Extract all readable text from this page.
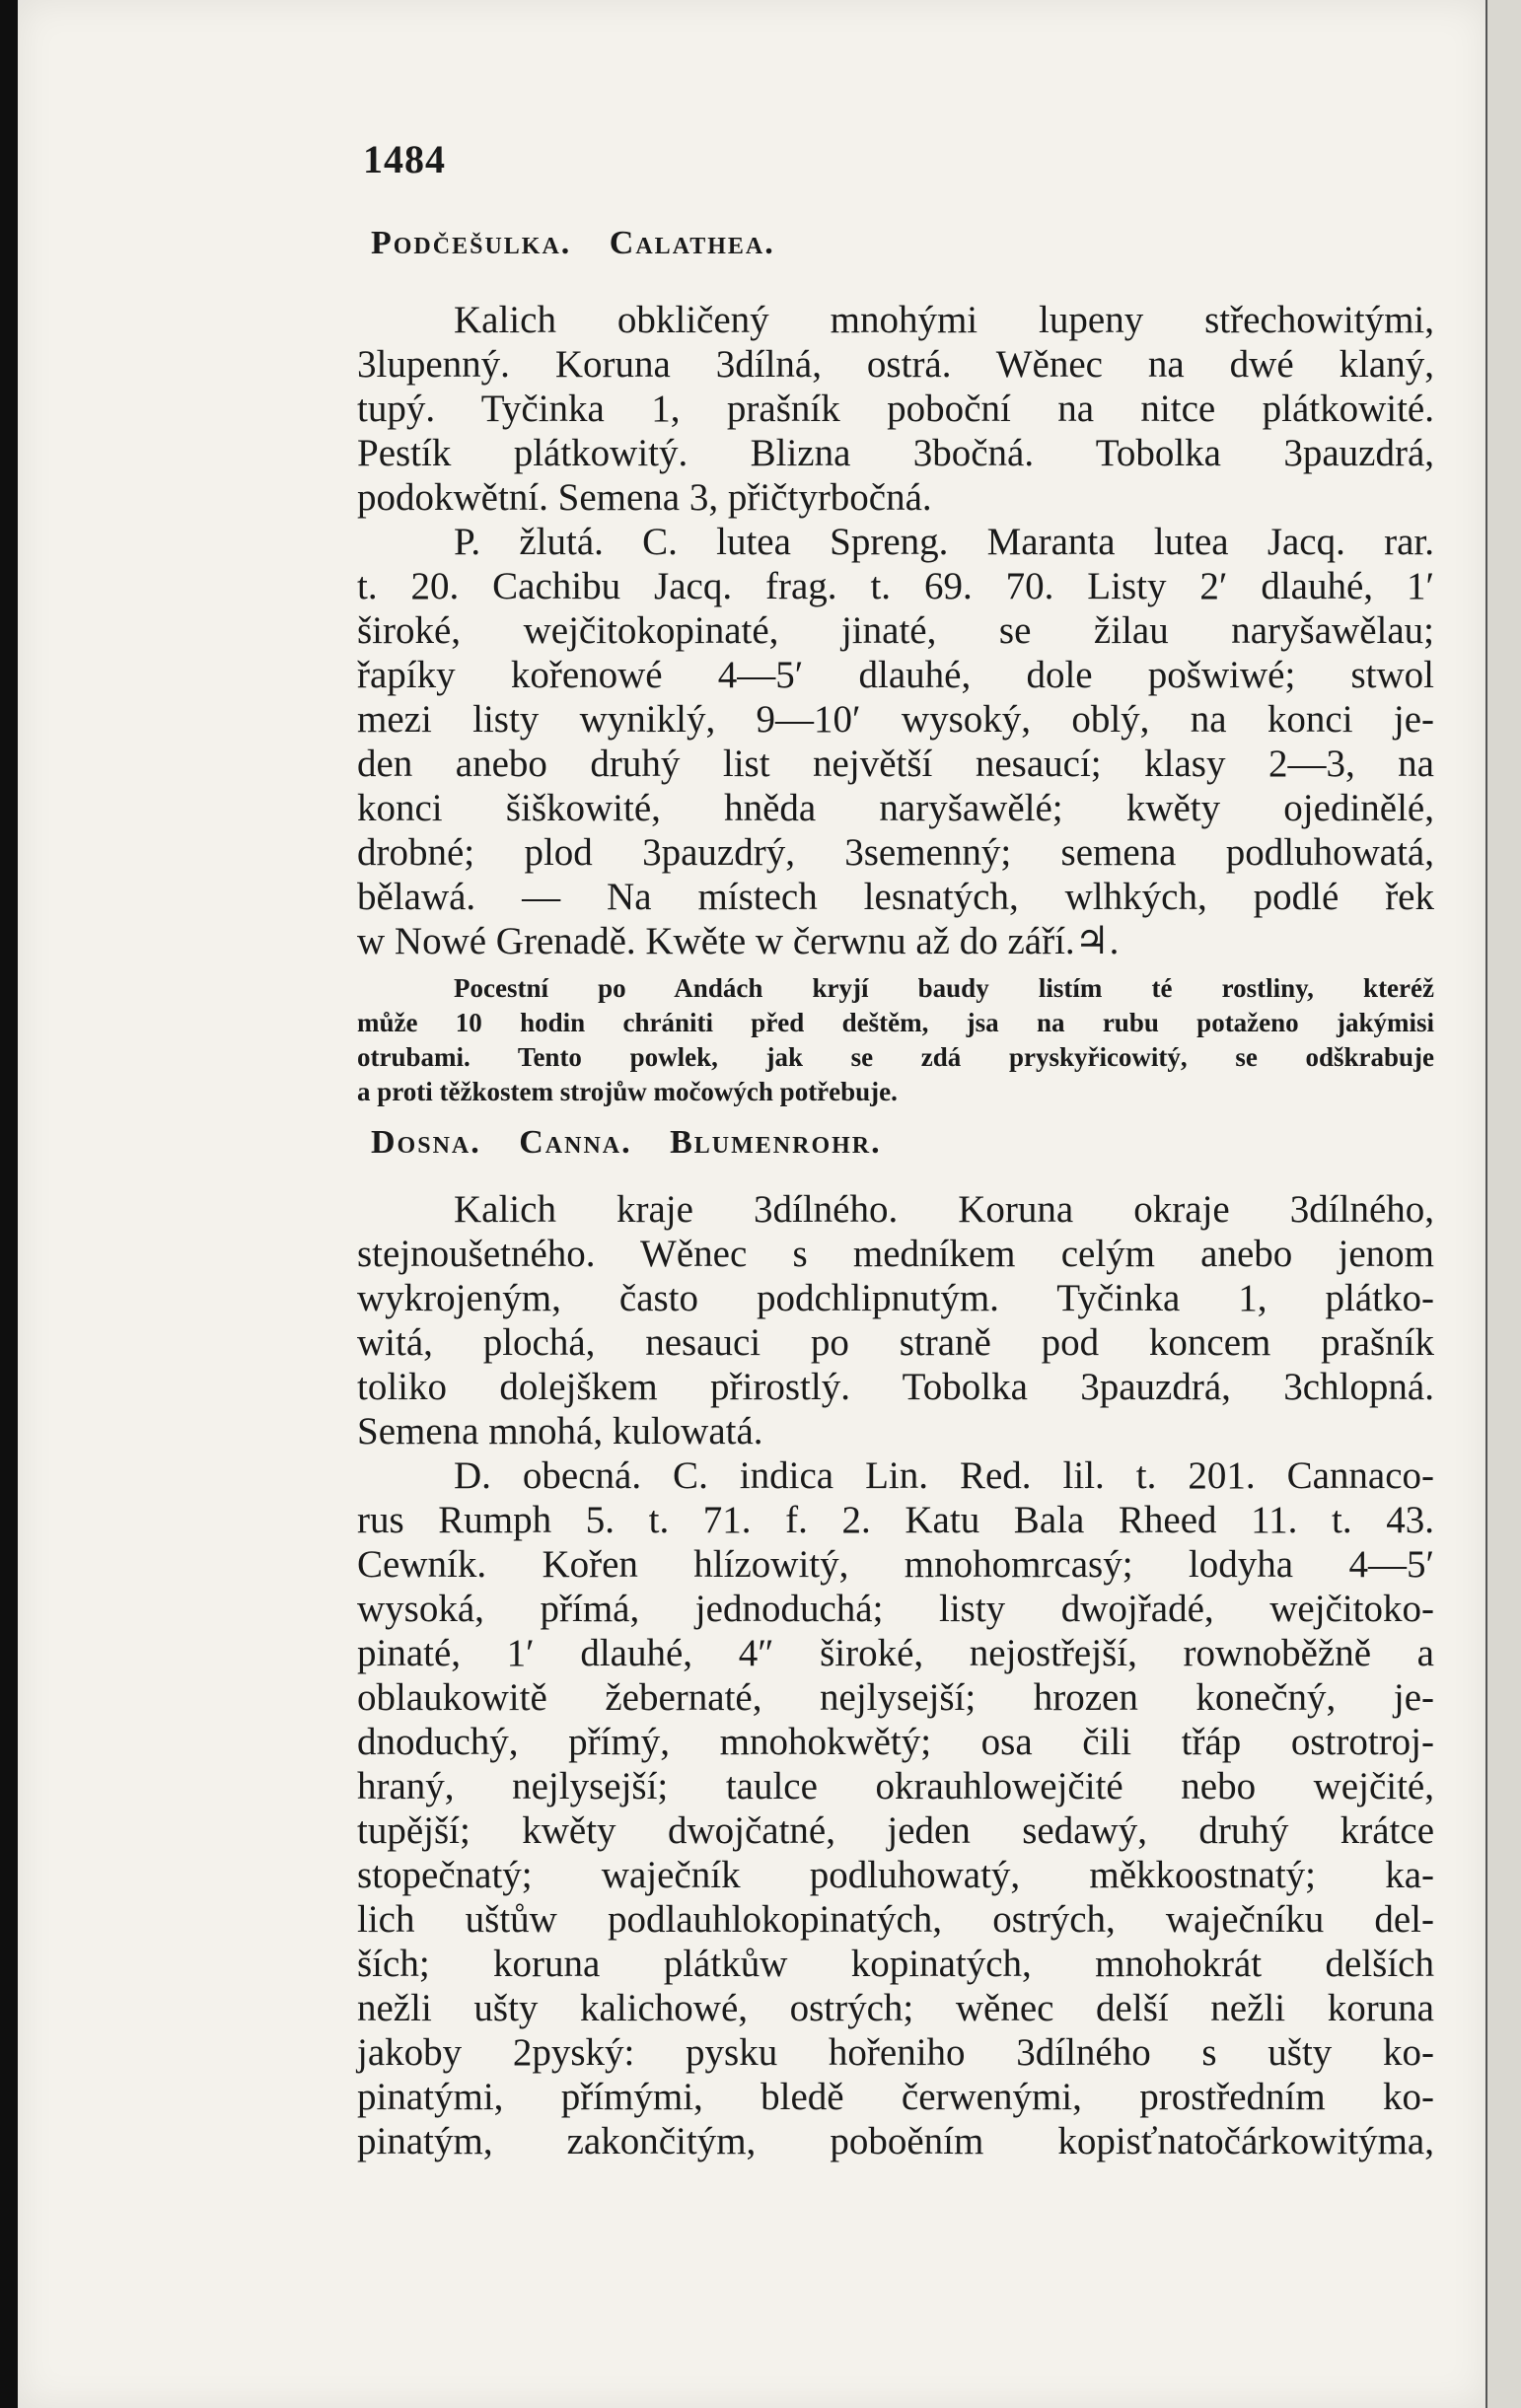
1484

Podčešulka. Calathea.

Kalich obkličený mnohými lupeny střechowitými,
3lupenný. Koruna 3dílná, ostrá. Wěnec na dwé klaný,
tupý. Tyčinka 1, prašník poboční na nitce plátkowité.
Pestík plátkowitý. Blizna 3bočná. Tobolka 3pauzdrá,
podokwětní. Semena 3, přičtyrbočná.
P. žlutá. C. lutea Spreng. Maranta lutea Jacq. rar.
t. 20. Cachibu Jacq. frag. t. 69. 70. Listy 2′ dlauhé, 1′
široké, wejčitokopinaté, jinaté, se žilau naryšawělau;
řapíky kořenowé 4—5′ dlauhé, dole pošwiwé; stwol
mezi listy wyniklý, 9—10′ wysoký, oblý, na konci je-
den anebo druhý list největší nesaucí; klasy 2—3, na
konci šiškowité, hněda naryšawělé; kwěty ojedinělé,
drobné; plod 3pauzdrý, 3semenný; semena podluhowatá,
bělawá. — Na místech lesnatých, wlhkých, podlé řek
w Nowé Grenadě. Kwěte w čerwnu až do září.♃.
Pocestní po Andách kryjí baudy listím té rostliny, kteréž
může 10 hodin chrániti před deštěm, jsa na rubu potaženo jakýmisi
otrubami. Tento powlek, jak se zdá pryskyřicowitý, se odškrabuje
a proti těžkostem strojůw močowých potřebuje.

Dosna. Canna. Blumenrohr.

Kalich kraje 3dílného. Koruna okraje 3dílného,
stejnoušetného. Wěnec s medníkem celým anebo jenom
wykrojeným, často podchlipnutým. Tyčinka 1, plátko-
witá, plochá, nesauci po straně pod koncem prašník
toliko dolejškem přirostlý. Tobolka 3pauzdrá, 3chlopná.
Semena mnohá, kulowatá.
D. obecná. C. indica Lin. Red. lil. t. 201. Cannaco-
rus Rumph 5. t. 71. f. 2. Katu Bala Rheed 11. t. 43.
Cewník. Kořen hlízowitý, mnohomrcasý; lodyha 4—5′
wysoká, přímá, jednoduchá; listy dwojřadé, wejčitoko-
pinaté, 1′ dlauhé, 4″ široké, nejostřejší, rownoběžně a
oblaukowitě žebernaté, nejlysejší; hrozen konečný, je-
dnoduchý, přímý, mnohokwětý; osa čili třáp ostrotroj-
hraný, nejlysejší; taulce okrauhlowejčité nebo wejčité,
tupější; kwěty dwojčatné, jeden sedawý, druhý krátce
stopečnatý; waječník podluhowatý, měkkoostnatý; ka-
lich uštůw podlauhlokopinatých, ostrých, waječníku del-
ších; koruna plátkůw kopinatých, mnohokrát delších
nežli ušty kalichowé, ostrých; wěnec delší nežli koruna
jakoby 2pyský: pysku hořeniho 3dílného s ušty ko-
pinatými, přímými, bledě čerwenými, prostředním ko-
pinatým, zakončitým, poboěním kopisťnatočárkowitýma,
